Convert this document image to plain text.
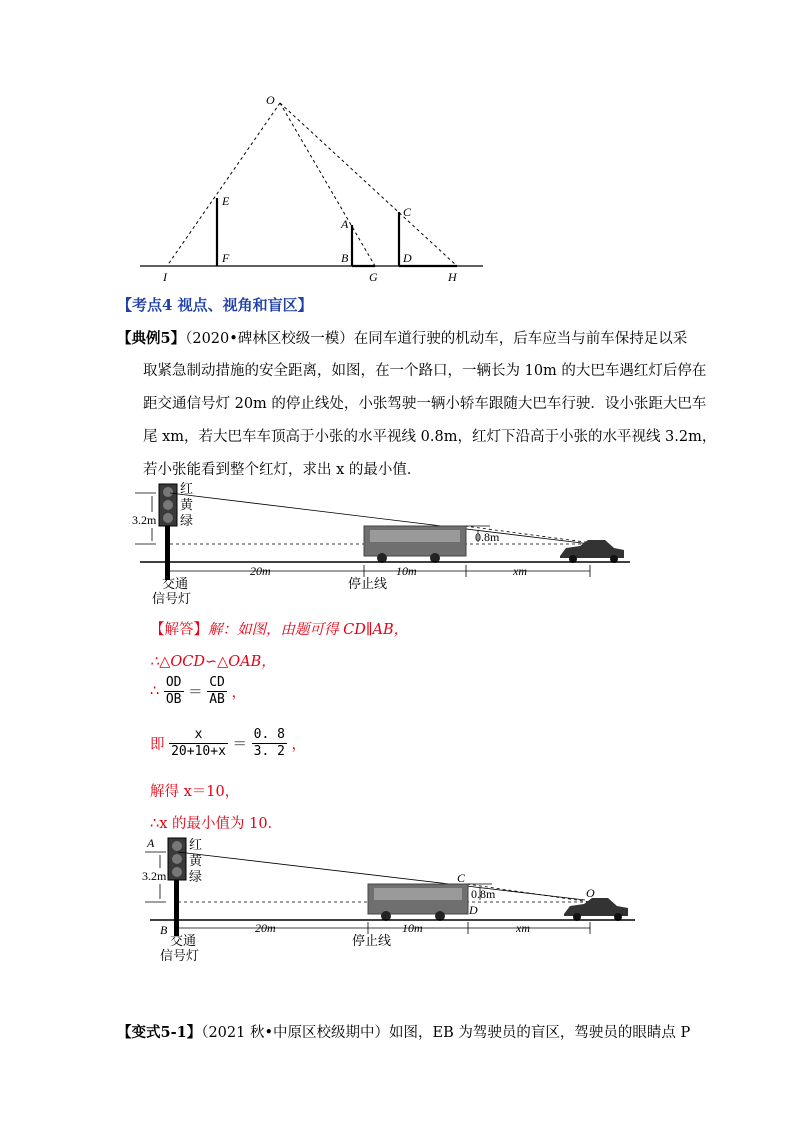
O
E
F
I
A
B
G
C
D
H
【考点4 视点、视角和盲区】
【典例5】（2020•碑林区校级一模）在同车道行驶的机动车，后车应当与前车保持足以采
取紧急制动措施的安全距离，如图，在一个路口，一辆长为 10m 的大巴车遇红灯后停在
距交通信号灯 20m 的停止线处，小张驾驶一辆小轿车跟随大巴车行驶．设小张距大巴车
尾 xm，若大巴车车顶高于小张的水平视线 0.8m，红灯下沿高于小张的水平视线 3.2m，
若小张能看到整个红灯，求出 x 的最小值．
红
黄
绿
3.2m
0.8m
20m	10m	xm
停止线
交通
信号灯
【解答】解：如图，由题可得 CD∥AB，
∴△OCD∽△OAB，
∴ $\frac{OD}{OB} = \frac{CD}{AB}$ ，
即 $\frac{x}{20+10+x} = \frac{0. 8}{3. 2}$ ，
解得 x＝10，
∴x 的最小值为 10．
A	红
黄
绿
3.2m	C
0.8m
D
O
B	20m	10m	xm
停止线
交通
信号灯
【变式5-1】（2021 秋•中原区校级期中）如图，EB 为驾驶员的盲区，驾驶员的眼睛点 P
